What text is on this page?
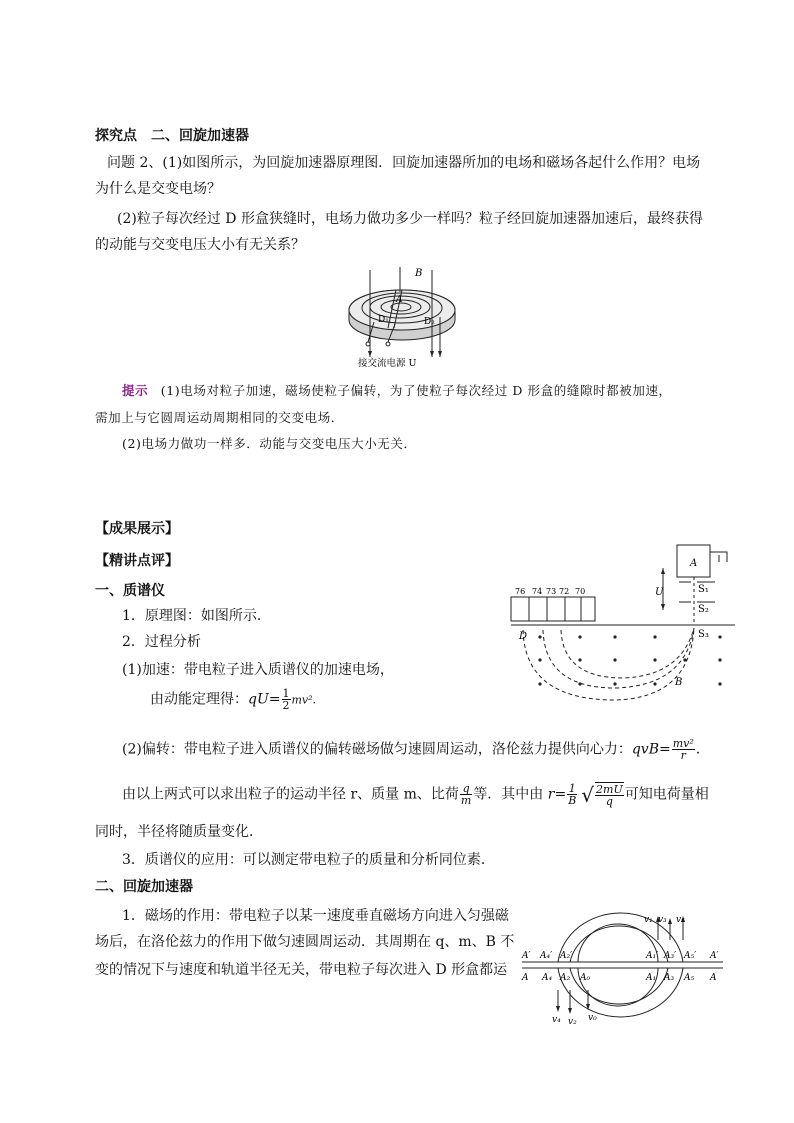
探究点　二、回旋加速器
问题 2、(1)如图所示，为回旋加速器原理图．回旋加速器所加的电场和磁场各起什么作用？电场
为什么是交变电场？
(2)粒子每次经过 D 形盒狭缝时，电场力做功多少一样吗？粒子经回旋加速器加速后，最终获得
的动能与交变电压大小有无关系？
B
A
D₁	D₂
接交流电源 U
提示 (1)电场对粒子加速，磁场使粒子偏转，为了使粒子每次经过 D 形盒的缝隙时都被加速，
需加上与它圆周运动周期相同的交变电场．
(2)电场力做功一样多．动能与交变电压大小无关．
【成果展示】
【精讲点评】
一、质谱仪
1．原理图：如图所示．
2．过程分析
(1)加速：带电粒子进入质谱仪的加速电场，
由动能定理得：$qU= \frac{1}{2} mv^2$.
A
U	S₁
S₂
S₃
D
B
76 74 73 72 70
(2)偏转：带电粒子进入质谱仪的偏转磁场做匀速圆周运动，洛伦兹力提供向心力：$qvB= \frac{\text{mv²}}{r}$ .
由以上两式可以求出粒子的运动半径 r、质量 m、比荷 $\frac{q}{m}$ 等．其中由 $r= \frac{1}{B}$ √ $\frac{2mU}{q}$ 可知电荷量相
同时，半径将随质量变化．
3．质谱仪的应用：可以测定带电粒子的质量和分析同位素．
二、回旋加速器
1．磁场的作用：带电粒子以某一速度垂直磁场方向进入匀强磁
场后，在洛伦兹力的作用下做匀速圆周运动．其周期在 q、m、B 不
变的情况下与速度和轨道半径无关，带电粒子每次进入 D 形盒都运
v₁ v₃ v₅
v₄ v₂ v₀
A′ A₄′ A₂′	A₁′ A₃′ A₅′ A′
A A₄ A₂ A₀	A₁ A₃ A₅ A
